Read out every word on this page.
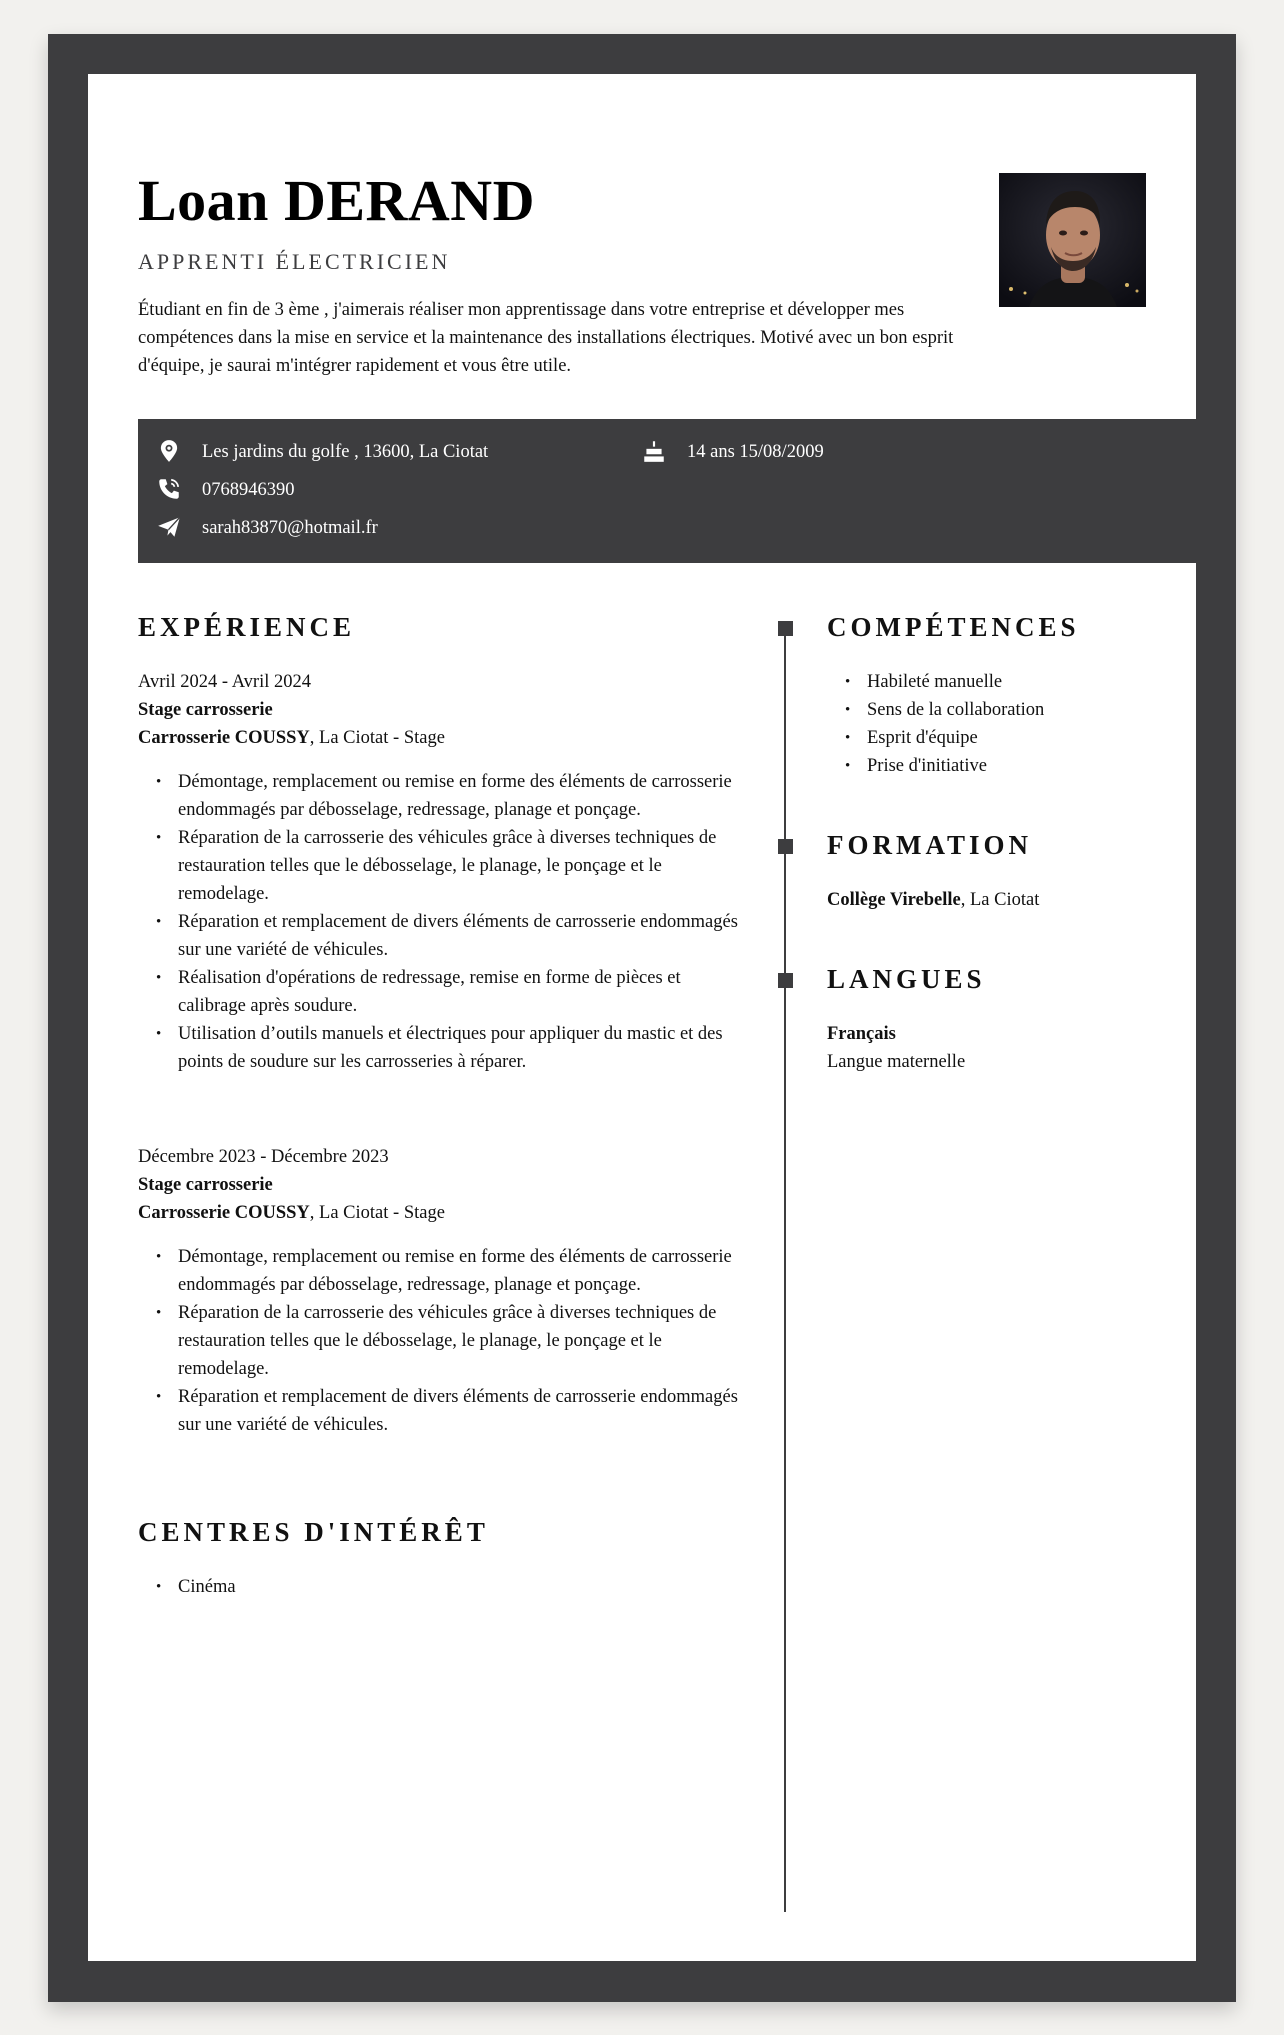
Loan DERAND
APPRENTI ÉLECTRICIEN
Étudiant en fin de 3 ème , j'aimerais réaliser mon apprentissage dans votre entreprise et développer mes compétences dans la mise en service et la maintenance des installations électriques. Motivé avec un bon esprit d'équipe, je saurai m'intégrer rapidement et vous être utile.
Les jardins du golfe , 13600, La Ciotat	14 ans 15/08/2009
0768946390
sarah83870@hotmail.fr
EXPÉRIENCE
Avril 2024 - Avril 2024
Stage carrosserie
Carrosserie COUSSY, La Ciotat - Stage
• Démontage, remplacement ou remise en forme des éléments de carrosserie endommagés par débosselage, redressage, planage et ponçage.
• Réparation de la carrosserie des véhicules grâce à diverses techniques de restauration telles que le débosselage, le planage, le ponçage et le remodelage.
• Réparation et remplacement de divers éléments de carrosserie endommagés sur une variété de véhicules.
• Réalisation d'opérations de redressage, remise en forme de pièces et calibrage après soudure.
• Utilisation d’outils manuels et électriques pour appliquer du mastic et des points de soudure sur les carrosseries à réparer.
Décembre 2023 - Décembre 2023
Stage carrosserie
Carrosserie COUSSY, La Ciotat - Stage
• Démontage, remplacement ou remise en forme des éléments de carrosserie endommagés par débosselage, redressage, planage et ponçage.
• Réparation de la carrosserie des véhicules grâce à diverses techniques de restauration telles que le débosselage, le planage, le ponçage et le remodelage.
• Réparation et remplacement de divers éléments de carrosserie endommagés sur une variété de véhicules.
CENTRES D'INTÉRÊT
• Cinéma
COMPÉTENCES
• Habileté manuelle
• Sens de la collaboration
• Esprit d'équipe
• Prise d'initiative
FORMATION
Collège Virebelle, La Ciotat
LANGUES
Français
Langue maternelle
